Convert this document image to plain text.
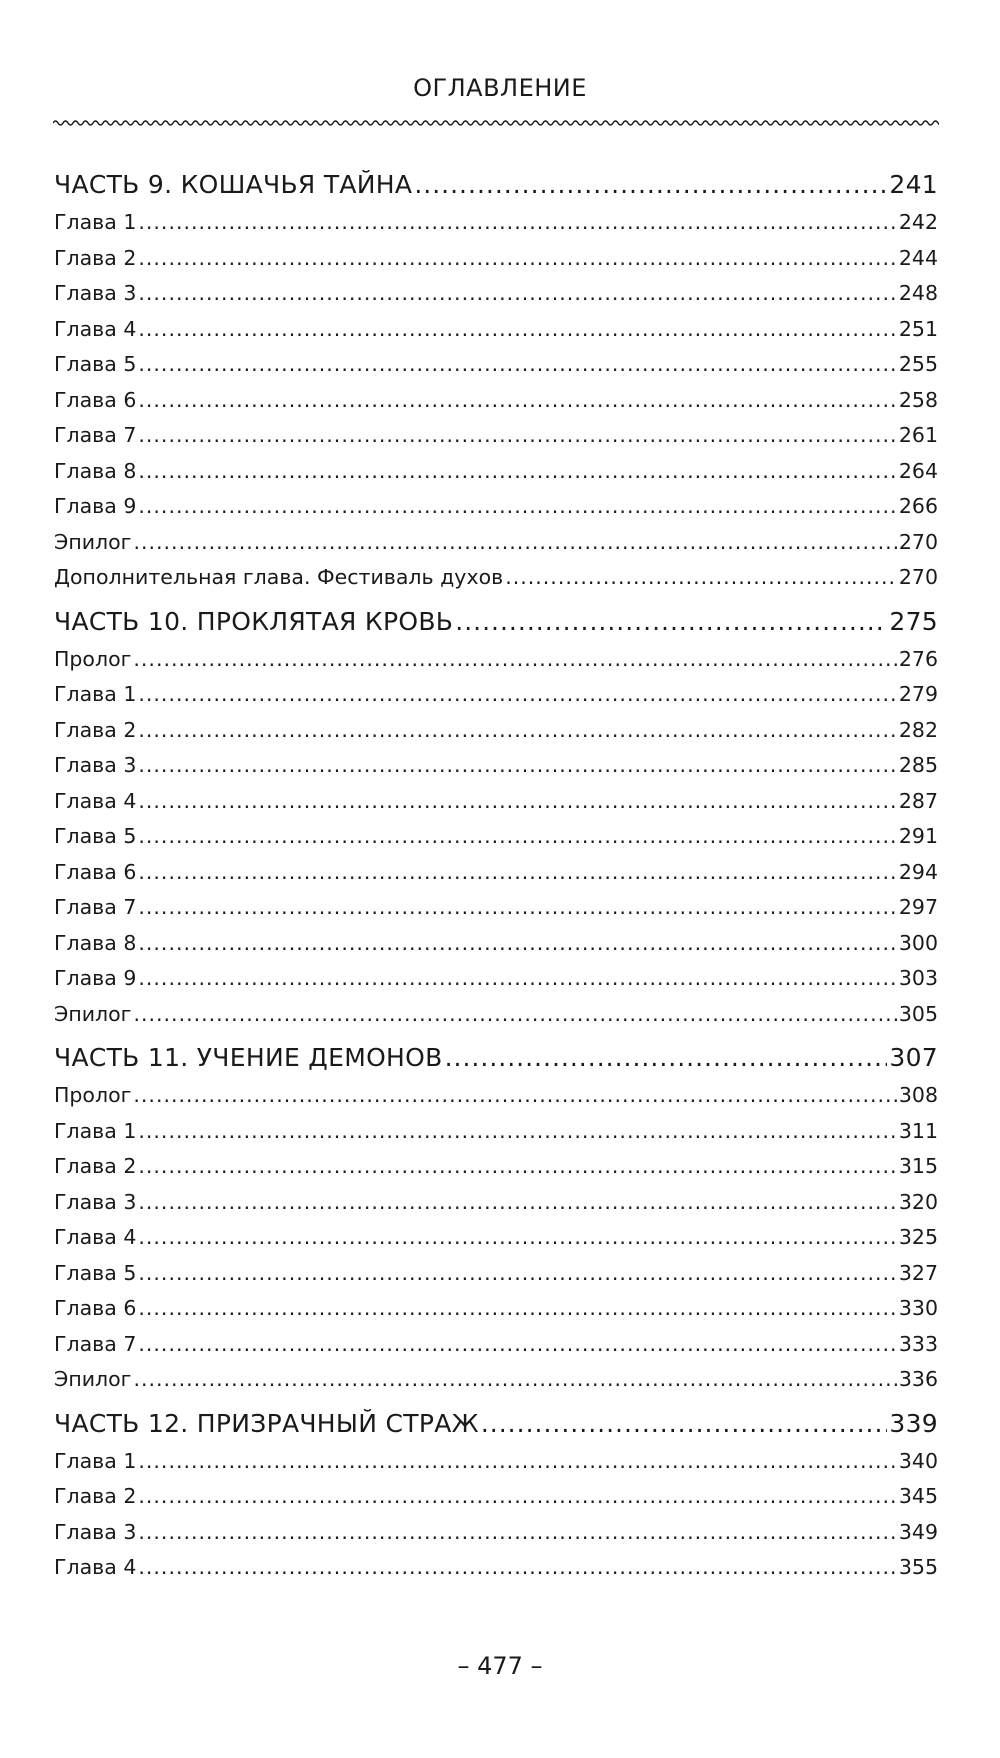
ОГЛАВЛЕНИЕ
ЧАСТЬ 9. КОШАЧЬЯ ТАЙНА .....	241
Глава 1 .....	242
Глава 2 .....	244
Глава 3 .....	248
Глава 4 .....	251
Глава 5 .....	255
Глава 6 .....	258
Глава 7 .....	261
Глава 8 .....	264
Глава 9 .....	266
Эпилог .....	270
Дополнительная глава. Фестиваль духов .....	270
ЧАСТЬ 10. ПРОКЛЯТАЯ КРОВЬ .....	275
Пролог .....	276
Глава 1 .....	279
Глава 2 .....	282
Глава 3 .....	285
Глава 4 .....	287
Глава 5 .....	291
Глава 6 .....	294
Глава 7 .....	297
Глава 8 .....	300
Глава 9 .....	303
Эпилог .....	305
ЧАСТЬ 11. УЧЕНИЕ ДЕМОНОВ .....	307
Пролог .....	308
Глава 1 .....	311
Глава 2 .....	315
Глава 3 .....	320
Глава 4 .....	325
Глава 5 .....	327
Глава 6 .....	330
Глава 7 .....	333
Эпилог .....	336
ЧАСТЬ 12. ПРИЗРАЧНЫЙ СТРАЖ .....	339
Глава 1 .....	340
Глава 2 .....	345
Глава 3 .....	349
Глава 4 .....	355
– 477 –
